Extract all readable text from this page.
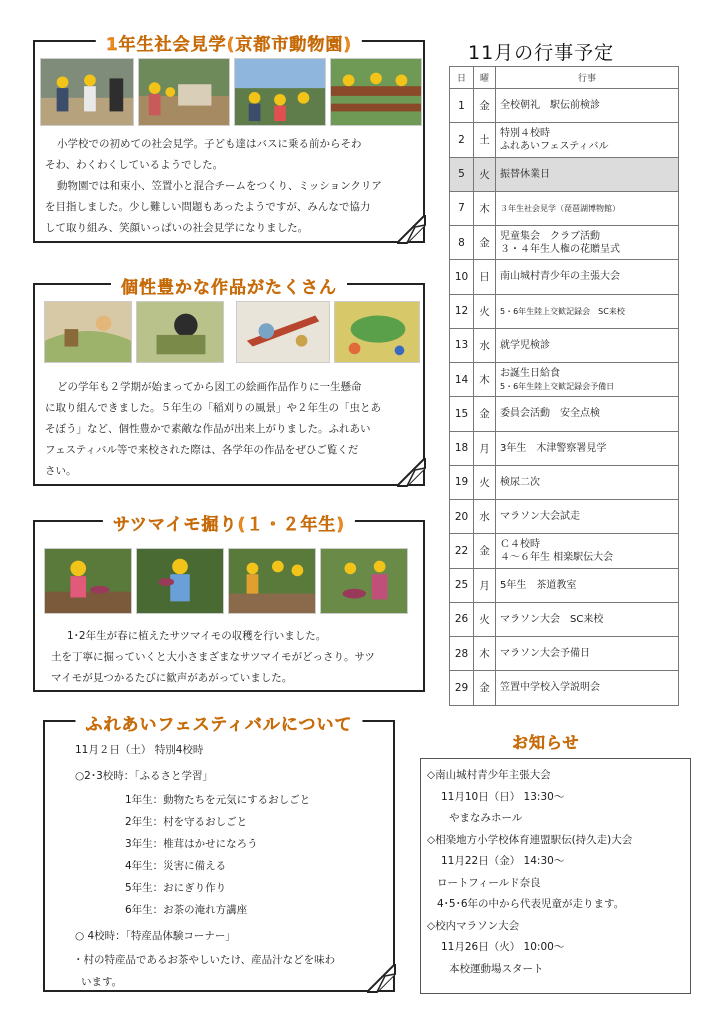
1年生社会見学(京都市動物園)
小学校での初めての社会見学。子ども達はバスに乗る前からそわ
そわ、わくわくしているようでした。
動物園では和束小、笠置小と混合チームをつくり、ミッションクリア
を目指しました。少し難しい問題もあったようですが、みんなで協力
して取り組み、笑顔いっぱいの社会見学になりました。
個性豊かな作品がたくさん
どの学年も２学期が始まってから図工の絵画作品作りに一生懸命
に取り組んできました。５年生の「稲刈りの風景」や２年生の「虫とあ
そぼう」など、個性豊かで素敵な作品が出来上がりました。ふれあい
フェスティバル等で来校された際は、各学年の作品をぜひご覧くだ
さい。
サツマイモ掘り(１・２年生)
1･2年生が春に植えたサツマイモの収穫を行いました。
土を丁寧に掘っていくと大小さまざまなサツマイモがどっさり。サツ
マイモが見つかるたびに歓声があがっていました。
ふれあいフェスティバルについて
11月２日（土） 特別4校時
○2･3校時：「ふるさと学習」
1年生：動物たちを元気にするおしごと
2年生：村を守るおしごと
3年生：椎茸はかせになろう
4年生：災害に備える
5年生：おにぎり作り
6年生：お茶の淹れ方講座
○ 4校時：「特産品体験コーナー」
・村の特産品であるお茶やしいたけ、産品汁などを味わ
います。
11月の行事予定
日	曜	行事
1	金	全校朝礼　駅伝前検診

2	土	特別４校時
ふれあいフェスティバル

5	火	振替休業日

7	木	３年生社会見学（琵琶湖博物館）

8	金	児童集会　クラブ活動
３・４年生人権の花贈呈式

10	日	南山城村青少年の主張大会

12	火	5・6年生陸上交歓記録会　SC来校

13	水	就学児検診

14	木	お誕生日給食
5・6年生陸上交歓記録会予備日

15	金	委員会活動　安全点検

18	月	3年生　木津警察署見学

19	火	検尿二次

20	水	マラソン大会試走

22	金	Ｃ４校時
４～６年生 相楽駅伝大会

25	月	5年生　茶道教室

26	火	マラソン大会　SC来校

28	木	マラソン大会予備日

29	金	笠置中学校入学説明会
お知らせ
◇南山城村青少年主張大会
11月10日（日） 13:30～
やまなみホール
◇相楽地方小学校体育連盟駅伝(持久走)大会
11月22日（金） 14:30～
ロートフィールド奈良
4･5･6年の中から代表児童が走ります。
◇校内マラソン大会
11月26日（火） 10:00～
本校運動場スタート
